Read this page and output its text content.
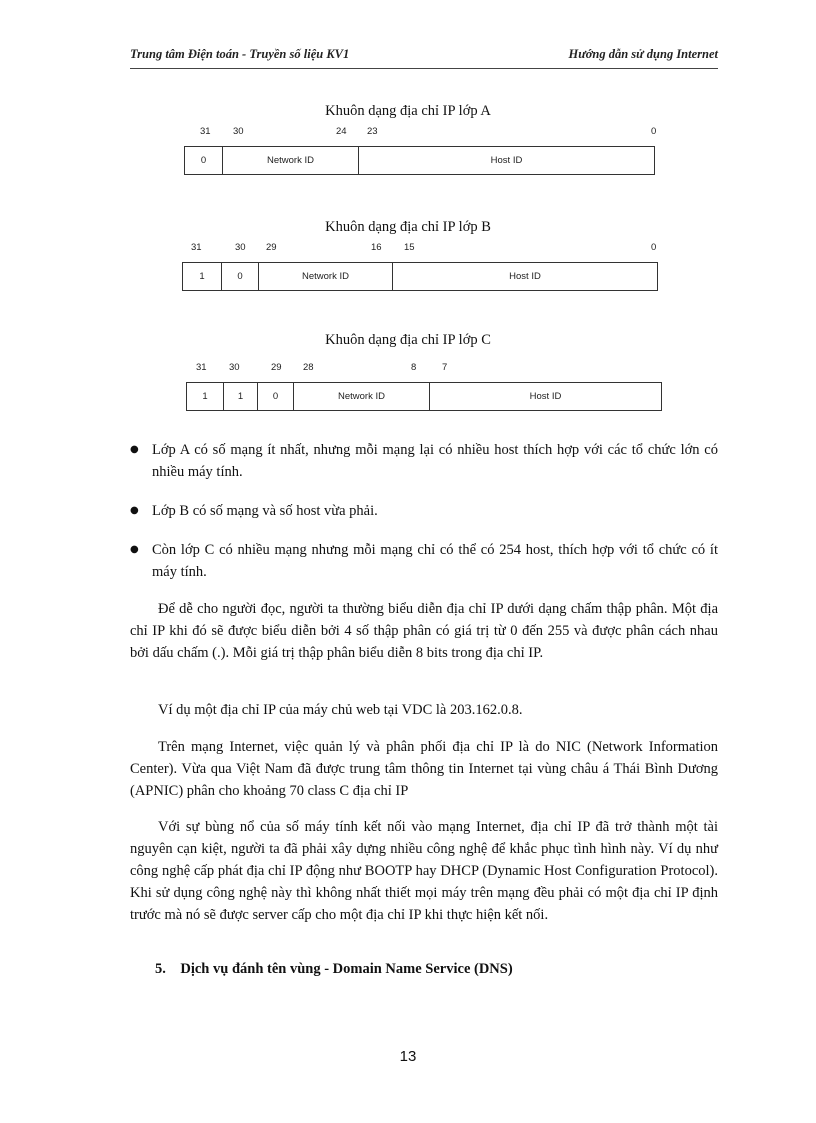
Trung tâm Điện toán - Truyền số liệu KV1	Hướng dẫn sử dụng Internet
Khuôn dạng địa chỉ IP lớp A
31 30	24 23	0
0	Network ID	Host ID
Khuôn dạng địa chỉ IP lớp B
31	30 29	16 15	0
1	0	Network ID	Host ID
Khuôn dạng địa chỉ IP lớp C
31 30	29 28	8	7
1	1	0	Network ID	Host ID
● Lớp A có số mạng ít nhất, nhưng mỗi mạng lại có nhiều host thích hợp với các tổ chức lớn có nhiều máy tính.
● Lớp B có số mạng và số host vừa phải.
● Còn lớp C có nhiều mạng nhưng mỗi mạng chỉ có thể có 254 host, thích hợp với tổ chức có ít máy tính.

Để dễ cho người đọc, người ta thường biểu diễn địa chỉ IP dưới dạng chấm thập phân. Một địa chỉ IP khi đó sẽ được biểu diễn bởi 4 số thập phân có giá trị từ 0 đến 255 và được phân cách nhau bởi dấu chấm (.). Mỗi giá trị thập phân biểu diễn 8 bits trong địa chỉ IP.

Ví dụ một địa chỉ IP của máy chủ web tại VDC là 203.162.0.8.

Trên mạng Internet, việc quản lý và phân phối địa chỉ IP là do NIC (Network Information Center). Vừa qua Việt Nam đã được trung tâm thông tin Internet tại vùng châu á Thái Bình Dương (APNIC) phân cho khoảng 70 class C địa chỉ IP

Với sự bùng nổ của số máy tính kết nối vào mạng Internet, địa chỉ IP đã trở thành một tài nguyên cạn kiệt, người ta đã phải xây dựng nhiều công nghệ để khắc phục tình hình này. Ví dụ như công nghệ cấp phát địa chỉ IP động như BOOTP hay DHCP (Dynamic Host Configuration Protocol). Khi sử dụng công nghệ này thì không nhất thiết mọi máy trên mạng đều phải có một địa chỉ IP định trước mà nó sẽ được server cấp cho một địa chỉ IP khi thực hiện kết nối.

5.    Dịch vụ đánh tên vùng - Domain Name Service (DNS)
13
